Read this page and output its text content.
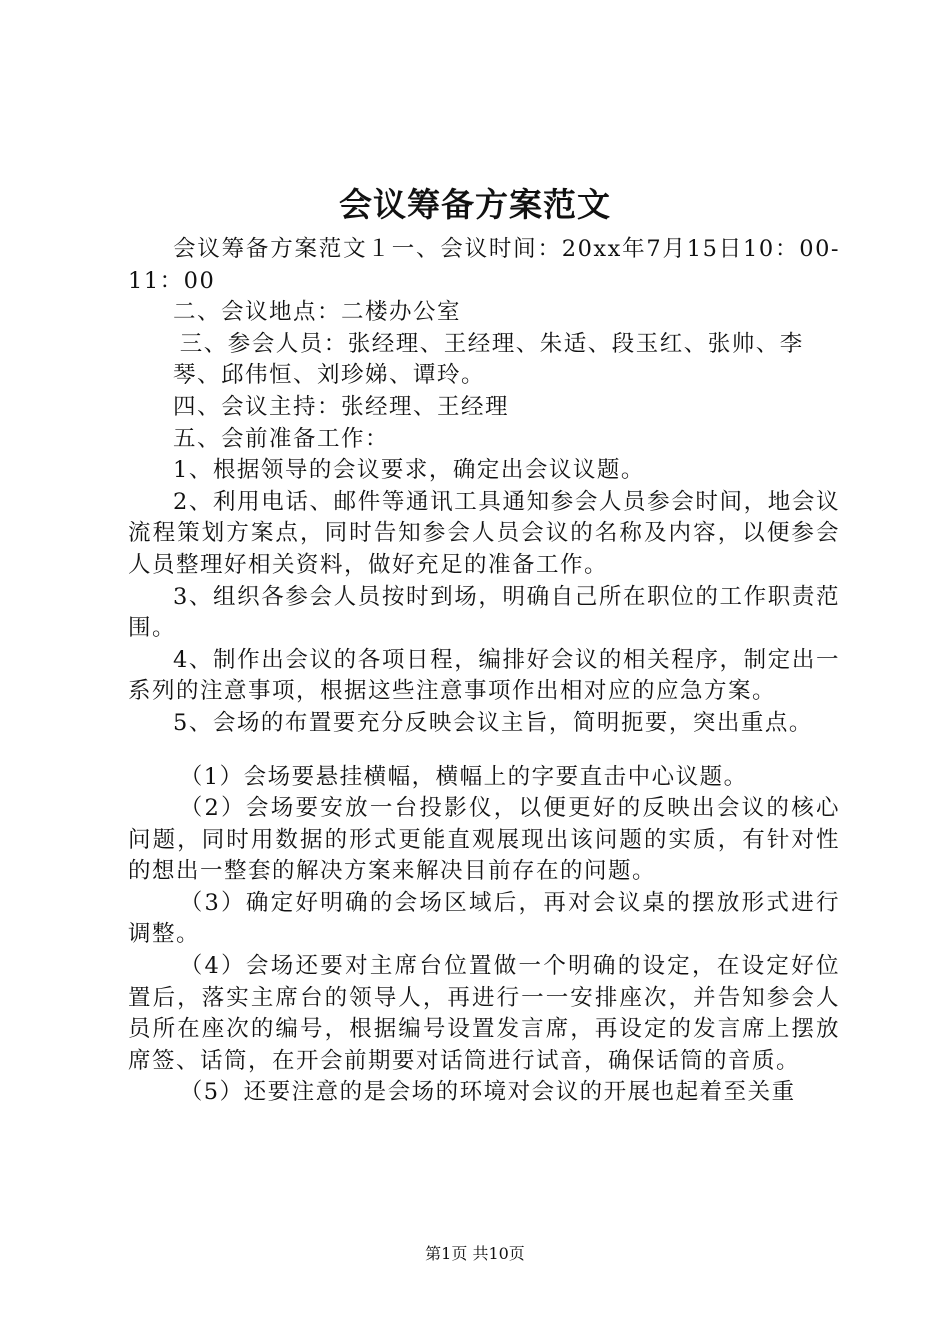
会议筹备方案范文

会议筹备方案范文１一、会议时间：20xx年7月15日10：00-11：00

二、会议地点：二楼办公室

三、参会人员：张经理、王经理、朱适、段玉红、张帅、李

琴、邱伟恒、刘珍娣、谭玲。

四、会议主持：张经理、王经理

五、会前准备工作：

1、根据领导的会议要求，确定出会议议题。

2、利用电话、邮件等通讯工具通知参会人员参会时间，地会议流程策划方案点，同时告知参会人员会议的名称及内容，以便参会人员整理好相关资料，做好充足的准备工作。

3、组织各参会人员按时到场，明确自己所在职位的工作职责范围。

4、制作出会议的各项日程，编排好会议的相关程序，制定出一系列的注意事项，根据这些注意事项作出相对应的应急方案。

5、会场的布置要充分反映会议主旨，简明扼要，突出重点。

（1）会场要悬挂横幅，横幅上的字要直击中心议题。

（2）会场要安放一台投影仪，以便更好的反映出会议的核心问题，同时用数据的形式更能直观展现出该问题的实质，有针对性的想出一整套的解决方案来解决目前存在的问题。

（3）确定好明确的会场区域后，再对会议桌的摆放形式进行调整。

（4）会场还要对主席台位置做一个明确的设定，在设定好位置后，落实主席台的领导人，再进行一一安排座次，并告知参会人员所在座次的编号，根据编号设置发言席，再设定的发言席上摆放席签、话筒，在开会前期要对话筒进行试音，确保话筒的音质。

（5）还要注意的是会场的环境对会议的开展也起着至关重

第1页 共10页
